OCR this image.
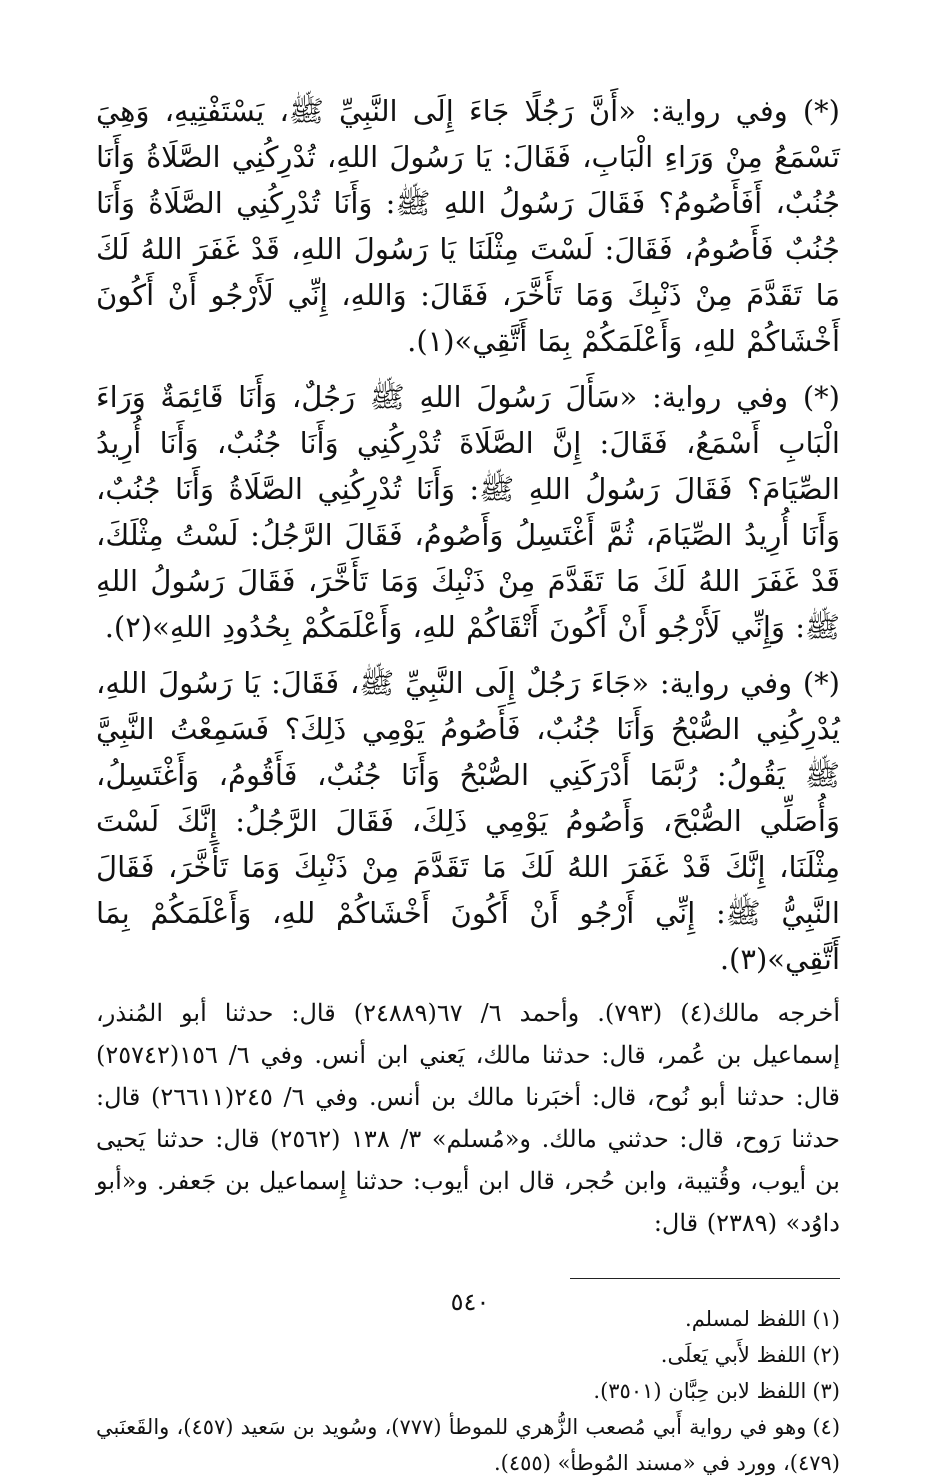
(*) وفي رواية: «أَنَّ رَجُلًا جَاءَ إِلَى النَّبِيِّ ﷺ، يَسْتَفْتِيهِ، وَهِيَ تَسْمَعُ مِنْ وَرَاءِ الْبَابِ، فَقَالَ: يَا رَسُولَ اللهِ، تُدْرِكُنِي الصَّلَاةُ وَأَنَا جُنُبٌ، أَفَأَصُومُ؟ فَقَالَ رَسُولُ اللهِ ﷺ: وَأَنَا تُدْرِكُنِي الصَّلَاةُ وَأَنَا جُنُبٌ فَأَصُومُ، فَقَالَ: لَسْتَ مِثْلَنَا يَا رَسُولَ اللهِ، قَدْ غَفَرَ اللهُ لَكَ مَا تَقَدَّمَ مِنْ ذَنْبِكَ وَمَا تَأَخَّرَ، فَقَالَ: وَاللهِ، إِنِّي لَأَرْجُو أَنْ أَكُونَ أَخْشَاكُمْ للهِ، وَأَعْلَمَكُمْ بِمَا أَتَّقِي»(١).

(*) وفي رواية: «سَأَلَ رَسُولَ اللهِ ﷺ رَجُلٌ، وَأَنَا قَائِمَةٌ وَرَاءَ الْبَابِ أَسْمَعُ، فَقَالَ: إِنَّ الصَّلَاةَ تُدْرِكُنِي وَأَنَا جُنُبٌ، وَأَنَا أُرِيدُ الصِّيَامَ؟ فَقَالَ رَسُولُ اللهِ ﷺ: وَأَنَا تُدْرِكُنِي الصَّلَاةُ وَأَنَا جُنُبٌ، وَأَنَا أُرِيدُ الصِّيَامَ، ثُمَّ أَغْتَسِلُ وَأَصُومُ، فَقَالَ الرَّجُلُ: لَسْتُ مِثْلَكَ، قَدْ غَفَرَ اللهُ لَكَ مَا تَقَدَّمَ مِنْ ذَنْبِكَ وَمَا تَأَخَّرَ، فَقَالَ رَسُولُ اللهِ ﷺ: وَإِنِّي لَأَرْجُو أَنْ أَكُونَ أَتْقَاكُمْ للهِ، وَأَعْلَمَكُمْ بِحُدُودِ اللهِ»(٢).

(*) وفي رواية: «جَاءَ رَجُلٌ إِلَى النَّبِيِّ ﷺ، فَقَالَ: يَا رَسُولَ اللهِ، يُدْرِكُنِي الصُّبْحُ وَأَنَا جُنُبٌ، فَأَصُومُ يَوْمِي ذَلِكَ؟ فَسَمِعْتُ النَّبِيَّ ﷺ يَقُولُ: رُبَّمَا أَدْرَكَنِي الصُّبْحُ وَأَنَا جُنُبٌ، فَأَقُومُ، وَأَغْتَسِلُ، وَأُصَلِّي الصُّبْحَ، وَأَصُومُ يَوْمِي ذَلِكَ، فَقَالَ الرَّجُلُ: إِنَّكَ لَسْتَ مِثْلَنَا، إِنَّكَ قَدْ غَفَرَ اللهُ لَكَ مَا تَقَدَّمَ مِنْ ذَنْبِكَ وَمَا تَأَخَّرَ، فَقَالَ النَّبِيُّ ﷺ: إِنِّي أَرْجُو أَنْ أَكُونَ أَخْشَاكُمْ للهِ، وَأَعْلَمَكُمْ بِمَا أَتَّقِي»(٣).

أخرجه مالك(٤) (٧٩٣). وأحمد ٦/ ٦٧(٢٤٨٨٩) قال: حدثنا أبو المُنذر، إسماعيل بن عُمر، قال: حدثنا مالك، يَعني ابن أنس. وفي ٦/ ١٥٦(٢٥٧٤٢) قال: حدثنا أبو نُوح، قال: أخبَرنا مالك بن أنس. وفي ٦/ ٢٤٥(٢٦٦١١) قال: حدثنا رَوح، قال: حدثني مالك. و«مُسلم» ٣/ ١٣٨ (٢٥٦٢) قال: حدثنا يَحيى بن أيوب، وقُتيبة، وابن حُجر، قال ابن أيوب: حدثنا إِسماعيل بن جَعفر. و«أبو داوُد» (٢٣٨٩) قال:

(١)اللفظ لمسلم.

(٢)اللفظ لأَبي يَعلَى.

(٣)اللفظ لابن حِبَّان (٣٥٠١).

(٤)وهو في رواية أَبي مُصعب الزُّهري للموطأ (٧٧٧)، وسُويد بن سَعيد (٤٥٧)، والقَعنَبي (٤٧٩)، وورد في «مسند المُوطأ» (٤٥٥).

٥٤٠
